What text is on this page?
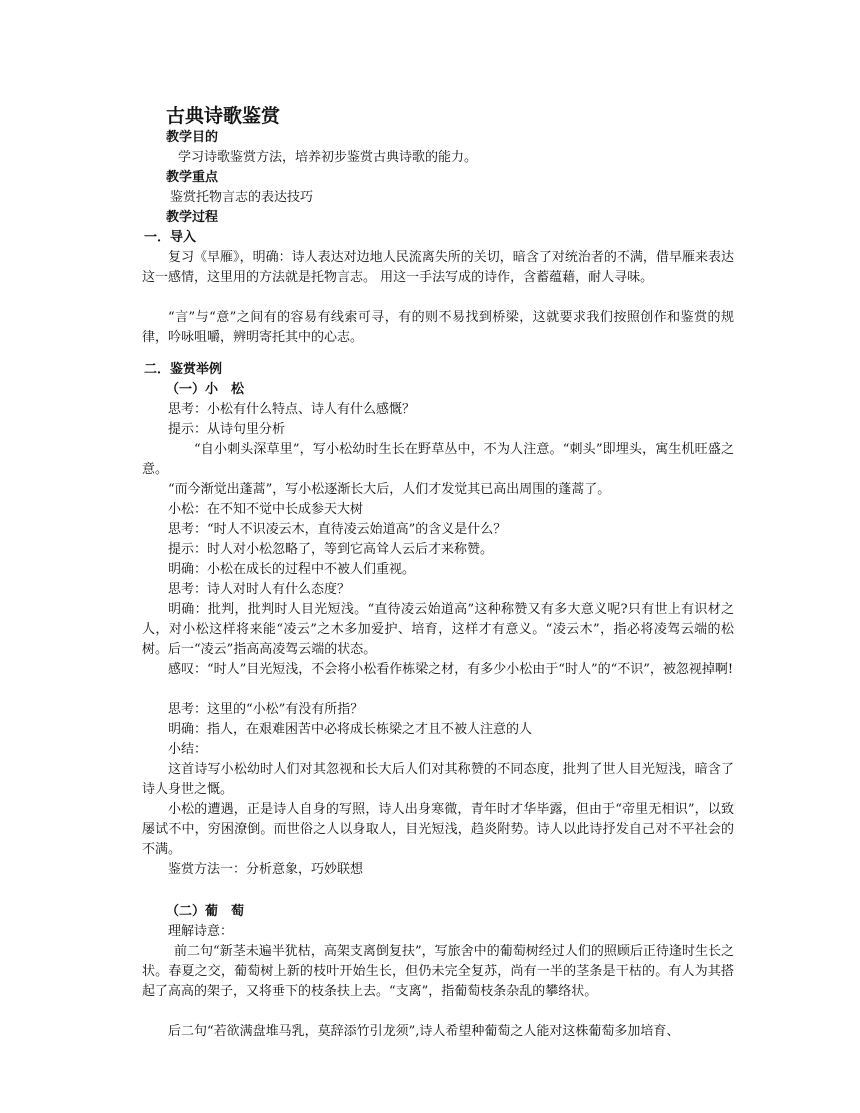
古典诗歌鉴赏
教学目的
学习诗歌鉴赏方法，培养初步鉴赏古典诗歌的能力。
教学重点
鉴赏托物言志的表达技巧
教学过程
一．导入
复习《早雁》，明确：诗人表达对边地人民流离失所的关切，暗含了对统治者的不满，借早雁来表达这一感情，这里用的方法就是托物言志。 用这一手法写成的诗作，含蓄蕴藉，耐人寻味。
“言”与“意”之间有的容易有线索可寻，有的则不易找到桥梁，这就要求我们按照创作和鉴赏的规律，吟咏咀嚼，辨明寄托其中的心志。
二．鉴赏举例
（一）小　松
思考：小松有什么特点、诗人有什么感慨？
提示：从诗句里分析
“自小刺头深草里”，写小松幼时生长在野草丛中，不为人注意。“刺头”即埋头，寓生机旺盛之意。
“而今渐觉出蓬蒿”，写小松逐渐长大后，人们才发觉其已高出周围的蓬蒿了。
小松：在不知不觉中长成参天大树
思考：“时人不识凌云木，直待凌云始道高”的含义是什么？
提示：时人对小松忽略了，等到它高耸人云后才来称赞。
明确：小松在成长的过程中不被人们重视。
思考：诗人对时人有什么态度？
明确：批判，批判时人目光短浅。“直待凌云始道高”这种称赞又有多大意义呢?只有世上有识材之人，对小松这样将来能“凌云”之木多加爱护、培育，这样才有意义。“凌云木”，指必将凌驾云端的松树。后一“凌云”指高高凌驾云端的状态。
感叹：“时人”目光短浅，不会将小松看作栋梁之材，有多少小松由于“时人”的“不识”，被忽视掉啊!
思考：这里的“小松”有没有所指？
明确：指人，在艰难困苦中必将成长栋梁之才且不被人注意的人
小结：
这首诗写小松幼时人们对其忽视和长大后人们对其称赞的不同态度，批判了世人目光短浅，暗含了诗人身世之慨。
小松的遭遇，正是诗人自身的写照，诗人出身寒微，青年时才华毕露，但由于“帝里无相识”，以致屡试不中，穷困潦倒。而世俗之人以身取人，目光短浅，趋炎附势。诗人以此诗抒发自己对不平社会的不满。
鉴赏方法一：分析意象，巧妙联想
（二）葡　萄
理解诗意：
前二句“新茎未遍半犹枯，高架支离倒复扶”，写旅舍中的葡萄树经过人们的照顾后正待逢时生长之状。春夏之交，葡萄树上新的枝叶开始生长，但仍未完全复苏，尚有一半的茎条是干枯的。有人为其搭起了高高的架子，又将垂下的枝条扶上去。“支离”，指葡萄枝条杂乱的攀络状。
后二句“若欲满盘堆马乳，莫辞添竹引龙须”,诗人希望种葡萄之人能对这株葡萄多加培育、
